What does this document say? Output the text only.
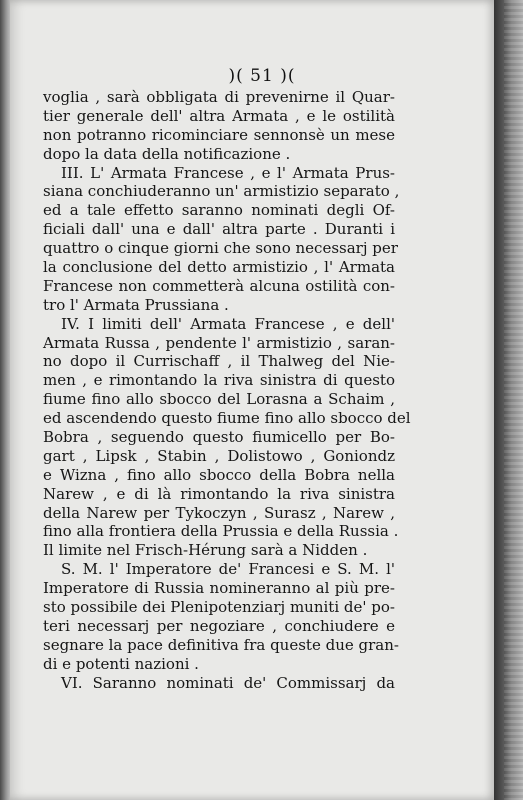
)( 51 )(
voglia , sarà obbligata di prevenirne il Quar-
tier generale dell' altra Armata , e le ostilità
non potranno ricominciare sennonsè un mese
dopo la data della notificazione .
III. L' Armata Francese , e l' Armata Prus-
siana conchiuderanno un' armistizio separato ,
ed a tale effetto saranno nominati degli Of-
ficiali dall' una e dall' altra parte . Duranti i
quattro o cinque giorni che sono necessarj per
la conclusione del detto armistizio , l' Armata
Francese non commetterà alcuna ostilità con-
tro l' Armata Prussiana .
IV. I limiti dell' Armata Francese , e dell'
Armata Russa , pendente l' armistizio , saran-
no dopo il Currischaff , il Thalweg del Nie-
men , e rimontando la riva sinistra di questo
fiume fino allo sbocco del Lorasna a Schaim ,
ed ascendendo questo fiume fino allo sbocco del
Bobra , seguendo questo fiumicello per Bo-
gart , Lipsk , Stabin , Dolistowo , Goniondz
e Wizna , fino allo sbocco della Bobra nella
Narew , e di là rimontando la riva sinistra
della Narew per Tykoczyn , Surasz , Narew ,
fino alla frontiera della Prussia e della Russia .
Il limite nel Frisch-Hérung sarà a Nidden .
S. M. l' Imperatore de' Francesi e S. M. l'
Imperatore di Russia nomineranno al più pre-
sto possibile dei Plenipotenziarj muniti de' po-
teri necessarj per negoziare , conchiudere e
segnare la pace definitiva fra queste due gran-
di e potenti nazioni .
VI. Saranno nominati de' Commissarj da
